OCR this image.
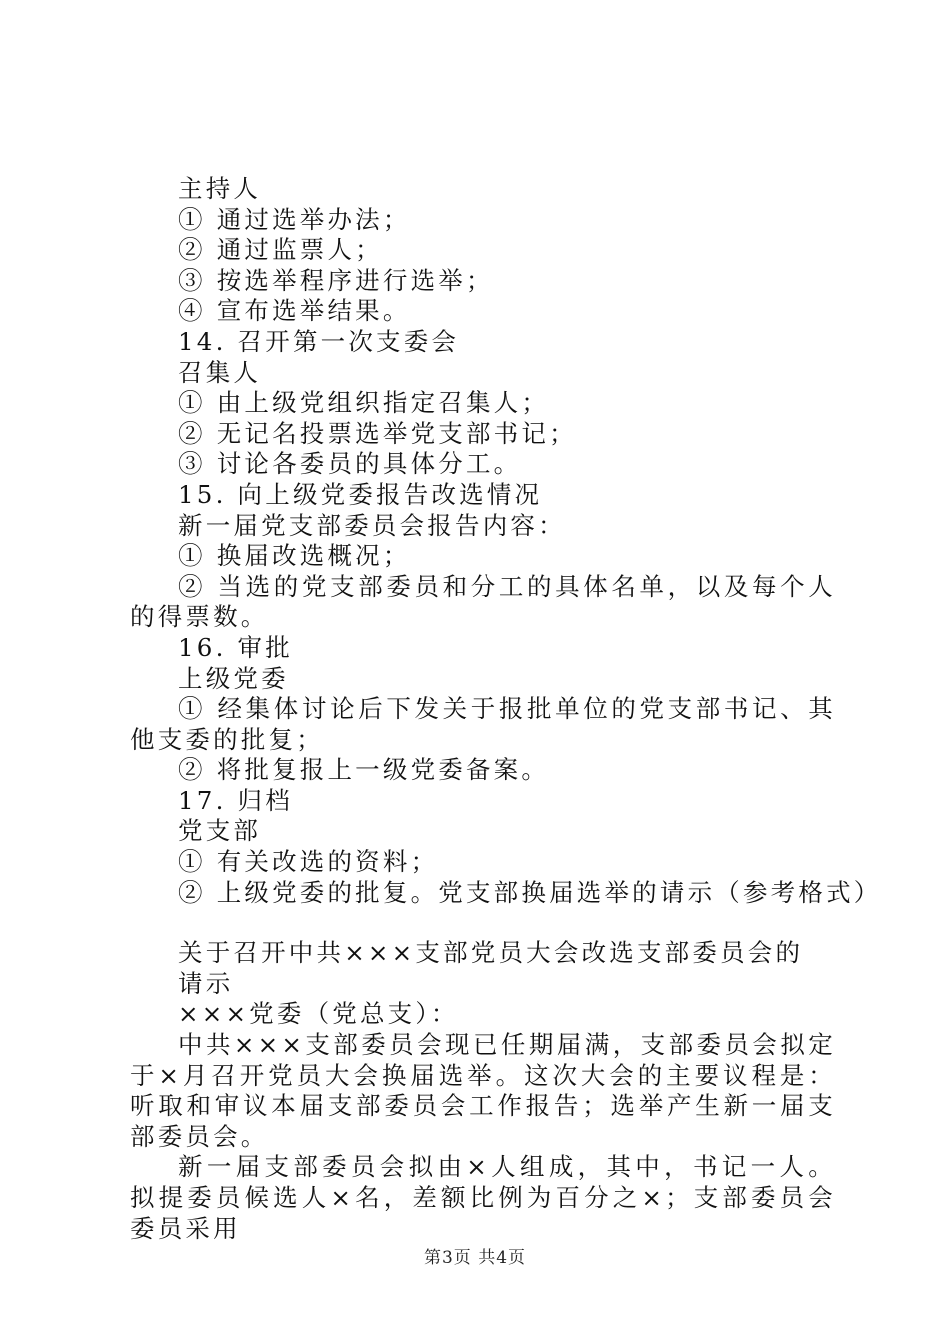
主持人
① 通过选举办法；
② 通过监票人；
③ 按选举程序进行选举；
④ 宣布选举结果。
14. 召开第一次支委会
召集人
① 由上级党组织指定召集人；
② 无记名投票选举党支部书记；
③ 讨论各委员的具体分工。
15. 向上级党委报告改选情况
新一届党支部委员会报告内容：
① 换届改选概况；
② 当选的党支部委员和分工的具体名单，以及每个人的得票数。
16. 审批
上级党委
① 经集体讨论后下发关于报批单位的党支部书记、其他支委的批复；
② 将批复报上一级党委备案。
17. 归档
党支部
① 有关改选的资料；
② 上级党委的批复。党支部换届选举的请示（参考格式）
关于召开中共×××支部党员大会改选支部委员会的
请示
×××党委（党总支）：
中共×××支部委员会现已任期届满，支部委员会拟定于×月召开党员大会换届选举。这次大会的主要议程是：听取和审议本届支部委员会工作报告；选举产生新一届支部委员会。
新一届支部委员会拟由×人组成，其中，书记一人。拟提委员候选人×名，差额比例为百分之×；支部委员会委员采用
第3页 共4页
